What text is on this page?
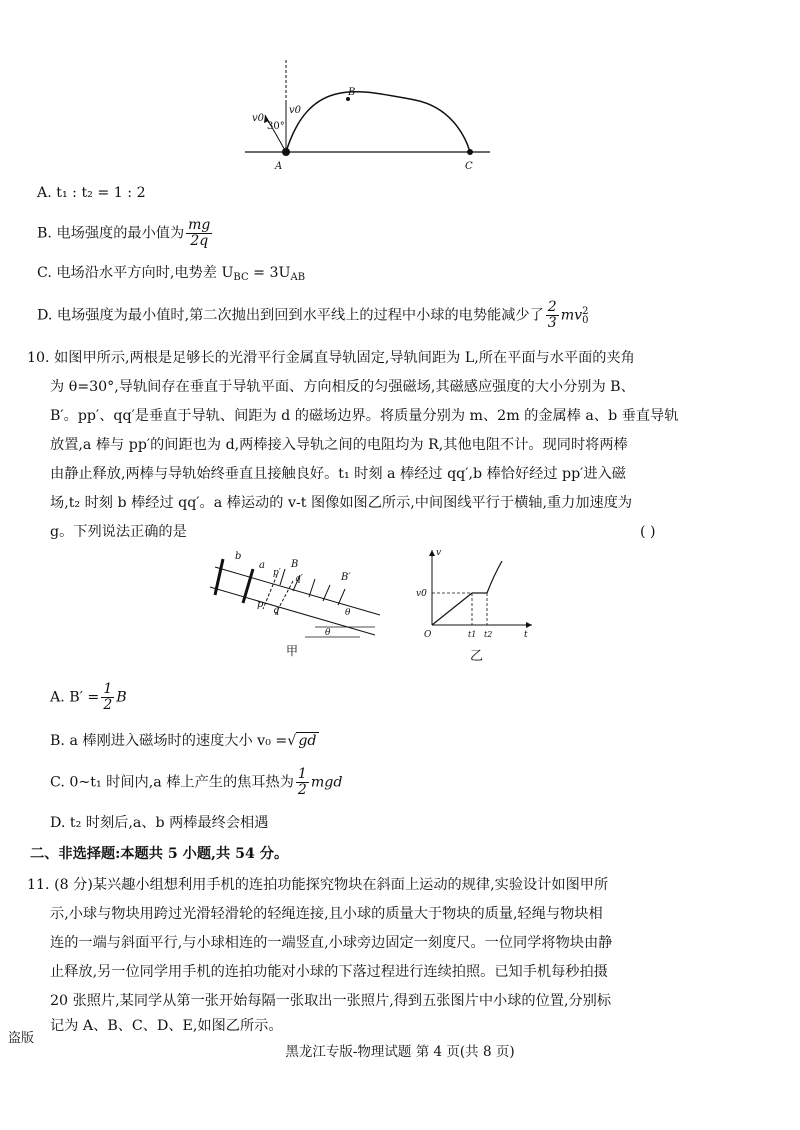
v0
v0
30°
A
B
C
A. t₁ : t₂ = 1 : 2
B. 电场强度的最小值为 $\frac{mg}{2q}$
C. 电场沿水平方向时,电势差 $U_{BC} = 3U_{AB}$
D. 电场强度为最小值时,第二次抛出到回到水平线上的过程中小球的电势能减少了 $\frac{2}{3}$ mv 2
0
10. 如图甲所示,两根是足够长的光滑平行金属直导轨固定,导轨间距为 L,所在平面与水平面的夹角
为 θ=30°,导轨间存在垂直于导轨平面、方向相反的匀强磁场,其磁感应强度的大小分别为 B、
B′。pp′、qq′是垂直于导轨、间距为 d 的磁场边界。将质量分别为 m、2m 的金属棒 a、b 垂直导轨
放置,a 棒与 pp′的间距也为 d,两棒接入导轨之间的电阻均为 R,其他电阻不计。现同时将两棒
由静止释放,两棒与导轨始终垂直且接触良好。t₁ 时刻 a 棒经过 qq′,b 棒恰好经过 pp′进入磁
场,t₂ 时刻 b 棒经过 qq′。a 棒运动的 v-t 图像如图乙所示,中间图线平行于横轴,重力加速度为
g。下列说法正确的是	( )
b
a
p′
q′
p
q
B
B′
θ
θ
甲
v
v0
O	t1 t2	t
乙
A. $B' = \frac{1}{2}$ B
B. a 棒刚进入磁场时的速度大小 v₀ =√ gd
C. 0~t₁ 时间内,a 棒上产生的焦耳热为 $\frac{1}{2}$ mgd
D. t₂ 时刻后,a、b 两棒最终会相遇
二、非选择题:本题共 5 小题,共 54 分。
11. (8 分)某兴趣小组想利用手机的连拍功能探究物块在斜面上运动的规律,实验设计如图甲所
示,小球与物块用跨过光滑轻滑轮的轻绳连接,且小球的质量大于物块的质量,轻绳与物块相
连的一端与斜面平行,与小球相连的一端竖直,小球旁边固定一刻度尺。一位同学将物块由静
止释放,另一位同学用手机的连拍功能对小球的下落过程进行连续拍照。已知手机每秒拍摄
20 张照片,某同学从第一张开始每隔一张取出一张照片,得到五张图片中小球的位置,分别标
记为 A、B、C、D、E,如图乙所示。
盗版
黑龙江专版-物理试题 第 4 页(共 8 页)
